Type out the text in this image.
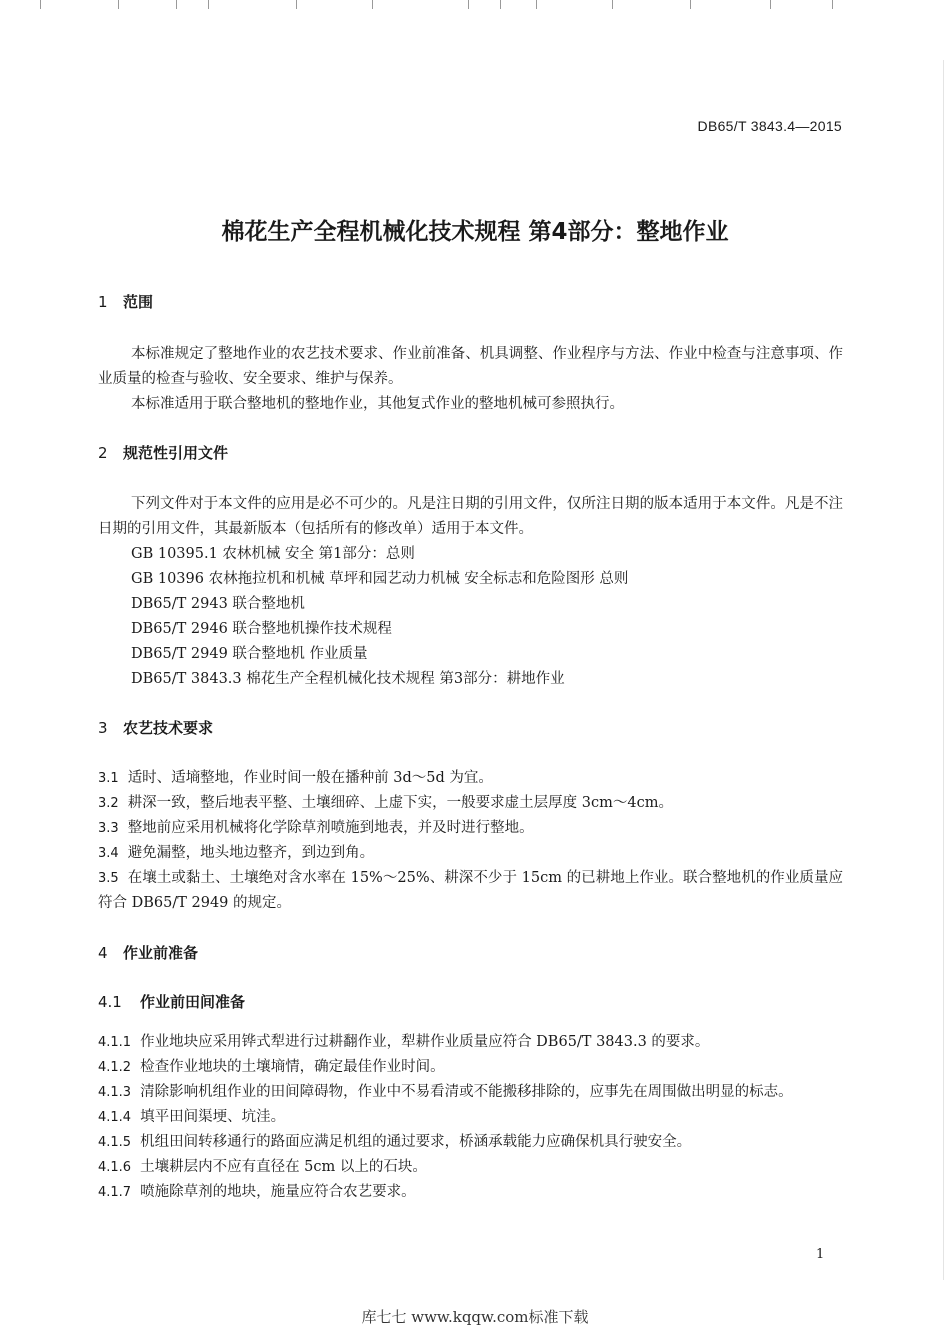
DB65/T 3843.4—2015
棉花生产全程机械化技术规程 第4部分：整地作业
1 范围
本标准规定了整地作业的农艺技术要求、作业前准备、机具调整、作业程序与方法、作业中检查与注意事项、作业质量的检查与验收、安全要求、维护与保养。
本标准适用于联合整地机的整地作业，其他复式作业的整地机械可参照执行。
2 规范性引用文件
下列文件对于本文件的应用是必不可少的。凡是注日期的引用文件，仅所注日期的版本适用于本文件。凡是不注日期的引用文件，其最新版本（包括所有的修改单）适用于本文件。
GB 10395.1 农林机械 安全 第1部分：总则
GB 10396 农林拖拉机和机械 草坪和园艺动力机械 安全标志和危险图形 总则
DB65/T 2943 联合整地机
DB65/T 2946 联合整地机操作技术规程
DB65/T 2949 联合整地机 作业质量
DB65/T 3843.3 棉花生产全程机械化技术规程 第3部分：耕地作业
3 农艺技术要求
3.1 适时、适墒整地，作业时间一般在播种前 3d～5d 为宜。
3.2 耕深一致，整后地表平整、土壤细碎、上虚下实，一般要求虚土层厚度 3cm～4cm。
3.3 整地前应采用机械将化学除草剂喷施到地表，并及时进行整地。
3.4 避免漏整，地头地边整齐，到边到角。
3.5 在壤土或黏土、土壤绝对含水率在 15%～25%、耕深不少于 15cm 的已耕地上作业。联合整地机的作业质量应符合 DB65/T 2949 的规定。
4 作业前准备
4.1 作业前田间准备
4.1.1 作业地块应采用铧式犁进行过耕翻作业，犁耕作业质量应符合 DB65/T 3843.3 的要求。
4.1.2 检查作业地块的土壤墒情，确定最佳作业时间。
4.1.3 清除影响机组作业的田间障碍物，作业中不易看清或不能搬移排除的，应事先在周围做出明显的标志。
4.1.4 填平田间渠埂、坑洼。
4.1.5 机组田间转移通行的路面应满足机组的通过要求，桥涵承载能力应确保机具行驶安全。
4.1.6 土壤耕层内不应有直径在 5cm 以上的石块。
4.1.7 喷施除草剂的地块，施量应符合农艺要求。
1
库七七 www.kqqw.com标准下载
